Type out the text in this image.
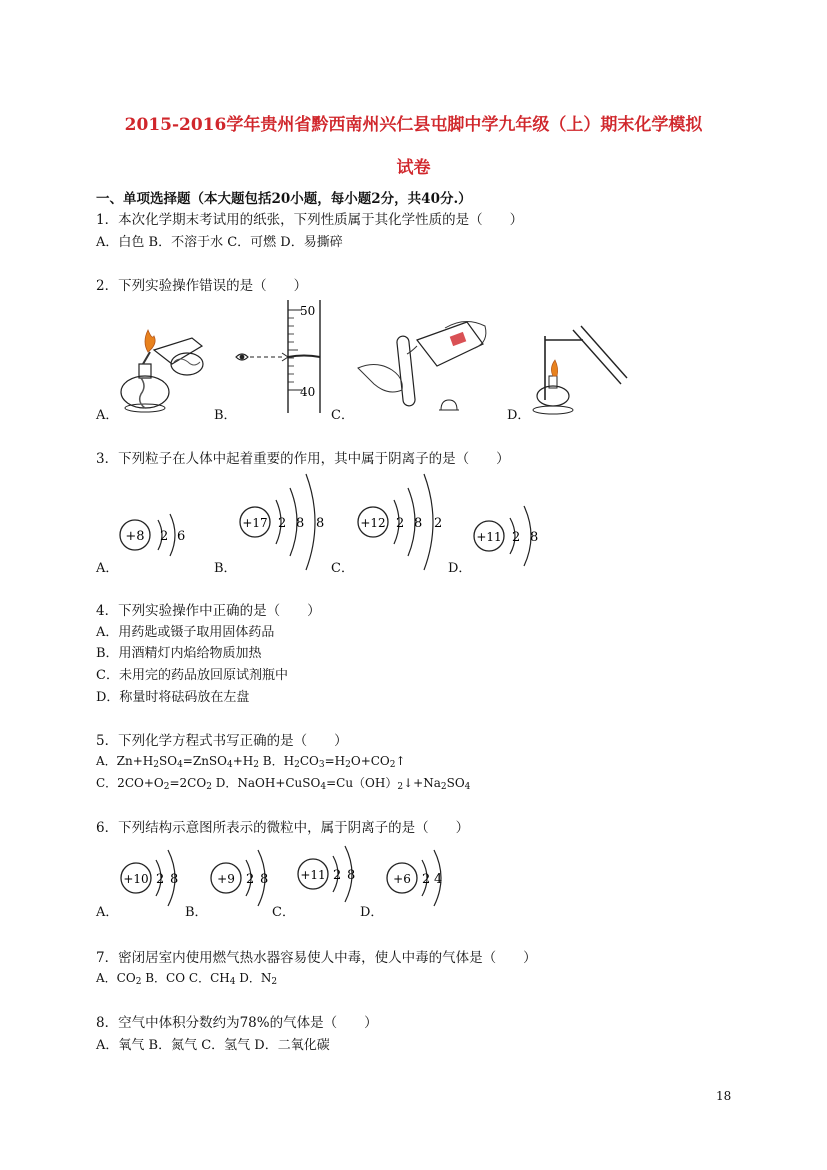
2015-2016学年贵州省黔西南州兴仁县屯脚中学九年级（上）期末化学模拟
试卷
一、单项选择题（本大题包括20小题，每小题2分，共40分.）
1．本次化学期末考试用的纸张，下列性质属于其化学性质的是（　　）
A．白色 B．不溶于水 C．可燃 D．易撕碎
2．下列实验操作错误的是（　　）
A．	B．	C．	D．
50
40
3．下列粒子在人体中起着重要的作用，其中属于阴离子的是（　　）
A．	B．	C．	D．
+8 2 6
+17 2 8 8	+12 2 8 2
+11 2 8
4．下列实验操作中正确的是（　　）
A．用药匙或镊子取用固体药品
B．用酒精灯内焰给物质加热
C．未用完的药品放回原试剂瓶中
D．称量时将砝码放在左盘
5．下列化学方程式书写正确的是（　　）
A．$Zn+H_2SO_4=ZnSO_4+H_2$ B．$H_2CO_3=H_2O+CO_2↑$
C．$2CO+O_2=2CO_2$ D．$NaOH+CuSO_4=Cu(OH)_2↓+Na_2SO_4$
6．下列结构示意图所表示的微粒中，属于阴离子的是（　　）
A．	B．	C．	D．
+10 2 8	+9 2 8	+11 2 8	+6 2 4
7．密闭居室内使用燃气热水器容易使人中毒，使人中毒的气体是（　　）
A．$CO_2$ B．CO C．$CH_4$ D．$N_2$
8．空气中体积分数约为78%的气体是（　　）
A．氧气 B．氮气 C．氢气 D．二氧化碳
18
